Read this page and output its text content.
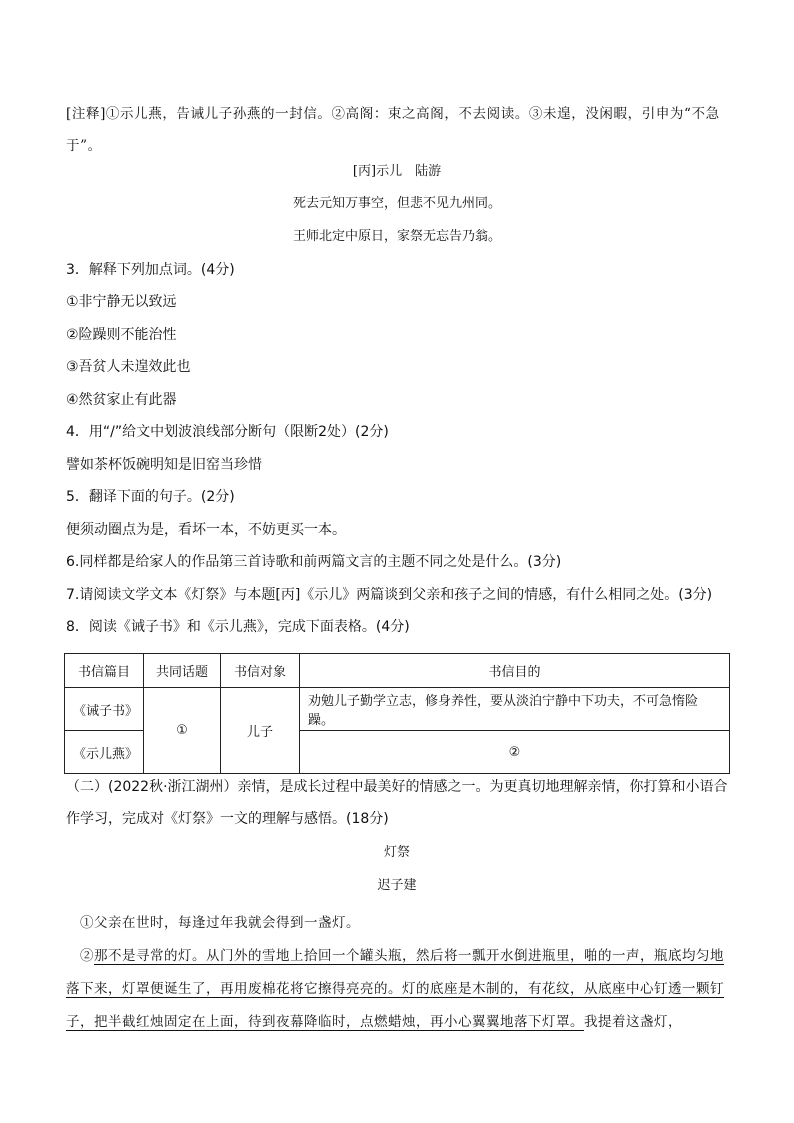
[注释]①示儿燕，告诫儿子孙燕的一封信。②高阁：束之高阁，不去阅读。③未遑，没闲暇，引申为“不急于”。
[丙]示儿　陆游
死去元知万事空，但悲不见九州同。
王师北定中原日，家祭无忘告乃翁。
3．解释下列加点词。(4分)
①非宁静无以致远
②险躁则不能治性
③吾贫人未遑效此也
④然贫家止有此器
4．用“/”给文中划波浪线部分断句（限断2处）(2分)
譬如茶杯饭碗明知是旧窑当珍惜
5．翻译下面的句子。(2分)
便须动圈点为是，看坏一本，不妨更买一本。
6.同样都是给家人的作品第三首诗歌和前两篇文言的主题不同之处是什么。(3分)
7.请阅读文学文本《灯祭》与本题[丙]《示儿》两篇谈到父亲和孩子之间的情感，有什么相同之处。(3分)
8．阅读《诫子书》和《示儿燕》，完成下面表格。(4分)
书信篇目	共同话题	书信对象	书信目的
《诫子书》	①	儿子	劝勉儿子勤学立志，修身养性，要从淡泊宁静中下功夫，不可急惰险躁。
《示儿燕》			②
（二）(2022秋·浙江湖州）亲情，是成长过程中最美好的情感之一。为更真切地理解亲情，你打算和小语合作学习，完成对《灯祭》一文的理解与感悟。(18分)
灯祭
迟子建
①父亲在世时，每逢过年我就会得到一盏灯。
②那不是寻常的灯。从门外的雪地上拾回一个罐头瓶，然后将一瓢开水倒进瓶里，啪的一声，瓶底均匀地落下来，灯罩便诞生了，再用废棉花将它擦得亮亮的。灯的底座是木制的，有花纹，从底座中心钉透一颗钉子，把半截红烛固定在上面，待到夜幕降临时，点燃蜡烛，再小心翼翼地落下灯罩。我提着这盏灯，
